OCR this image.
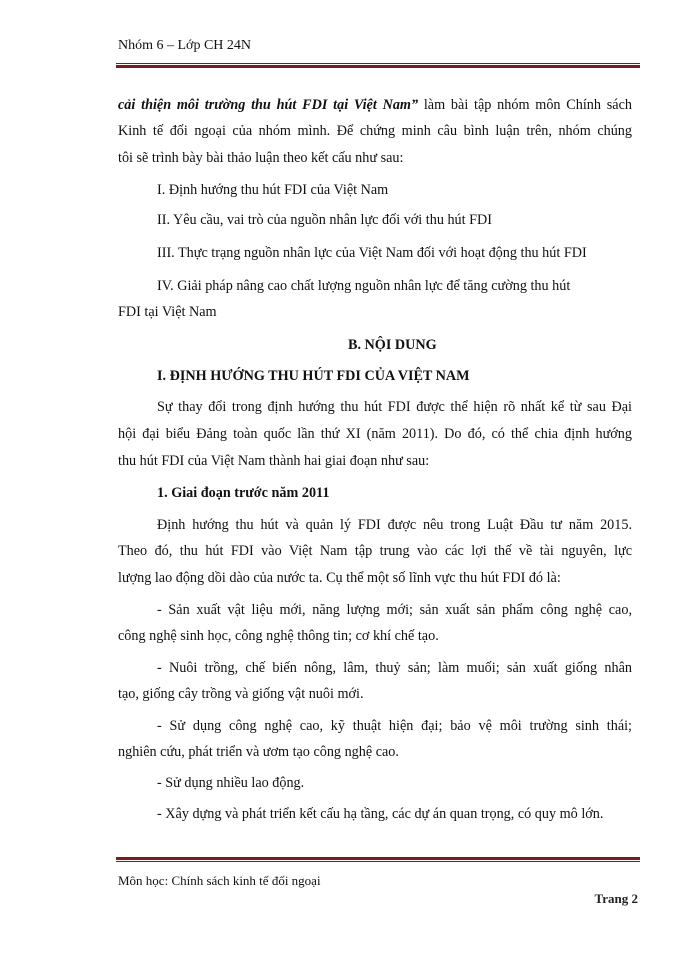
Nhóm 6 – Lớp CH 24N
cải thiện môi trường thu hút FDI tại Việt Nam” làm bài tập nhóm môn Chính sách
Kinh tế đối ngoại của nhóm mình. Để chứng minh câu bình luận trên, nhóm chúng
tôi sẽ trình bày bài thảo luận theo kết cấu như sau:
I. Định hướng thu hút FDI của Việt Nam
II. Yêu cầu, vai trò của nguồn nhân lực đối với thu hút FDI
III. Thực trạng nguồn nhân lực của Việt Nam đối với hoạt động thu hút FDI
IV. Giải pháp nâng cao chất lượng nguồn nhân lực để tăng cường thu hút
FDI tại Việt Nam
B. NỘI DUNG
I. ĐỊNH HƯỚNG THU HÚT FDI CỦA VIỆT NAM
Sự thay đổi trong định hướng thu hút FDI được thể hiện rõ nhất kể từ sau Đại
hội đại biểu Đảng toàn quốc lần thứ XI (năm 2011). Do đó, có thể chia định hướng
thu hút FDI của Việt Nam thành hai giai đoạn như sau:
1. Giai đoạn trước năm 2011
Định hướng thu hút và quản lý FDI được nêu trong Luật Đầu tư năm 2015.
Theo đó, thu hút FDI vào Việt Nam tập trung vào các lợi thế về tài nguyên, lực
lượng lao động dồi dào của nước ta. Cụ thể một số lĩnh vực thu hút FDI đó là:
- Sản xuất vật liệu mới, năng lượng mới; sản xuất sản phẩm công nghệ cao,
công nghệ sinh học, công nghệ thông tin; cơ khí chế tạo.
- Nuôi trồng, chế biến nông, lâm, thuỷ sản; làm muối; sản xuất giống nhân
tạo, giống cây trồng và giống vật nuôi mới.
- Sử dụng công nghệ cao, kỹ thuật hiện đại; bảo vệ môi trường sinh thái;
nghiên cứu, phát triển và ươm tạo công nghệ cao.
- Sử dụng nhiều lao động.
- Xây dựng và phát triển kết cấu hạ tầng, các dự án quan trọng, có quy mô lớn.
Môn học: Chính sách kinh tế đối ngoại
Trang 2
